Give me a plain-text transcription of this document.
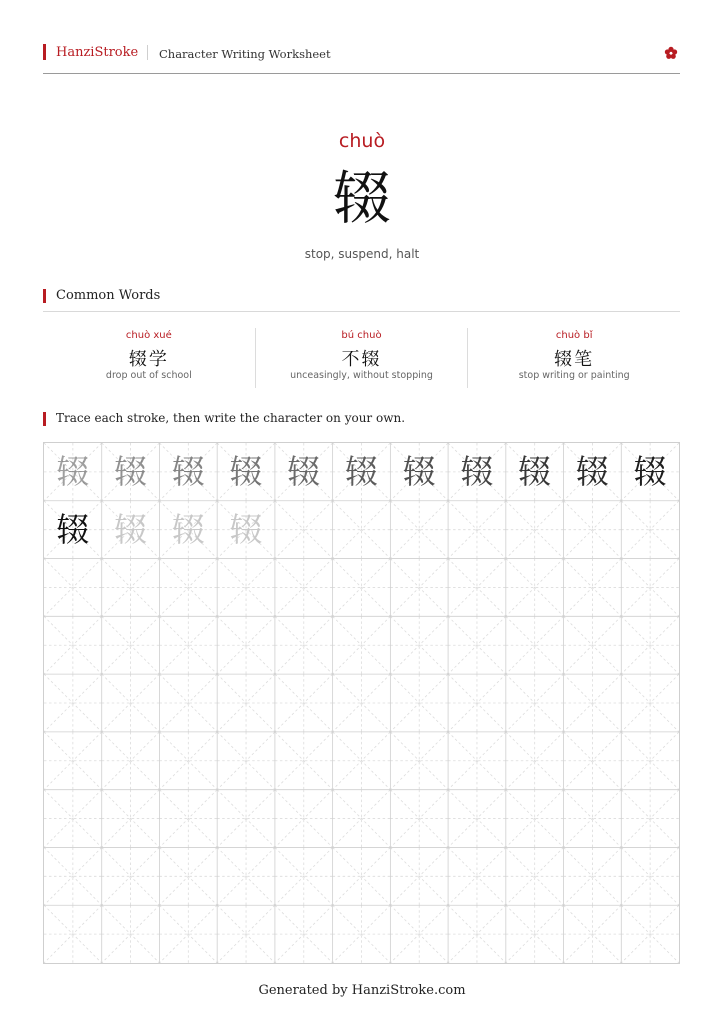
HanziStroke Character Writing Worksheet
chuò
辍
stop, suspend, halt
Common Words
chuò xué
辍学
drop out of school
bú chuò
不辍
unceasingly, without stopping
chuò bǐ
辍笔
stop writing or painting
Trace each stroke, then write the character on your own.
辍 辍 辍 辍 辍 辍 辍 辍 辍 辍 辍
辍 辍 辍 辍
Generated by HanziStroke.com
